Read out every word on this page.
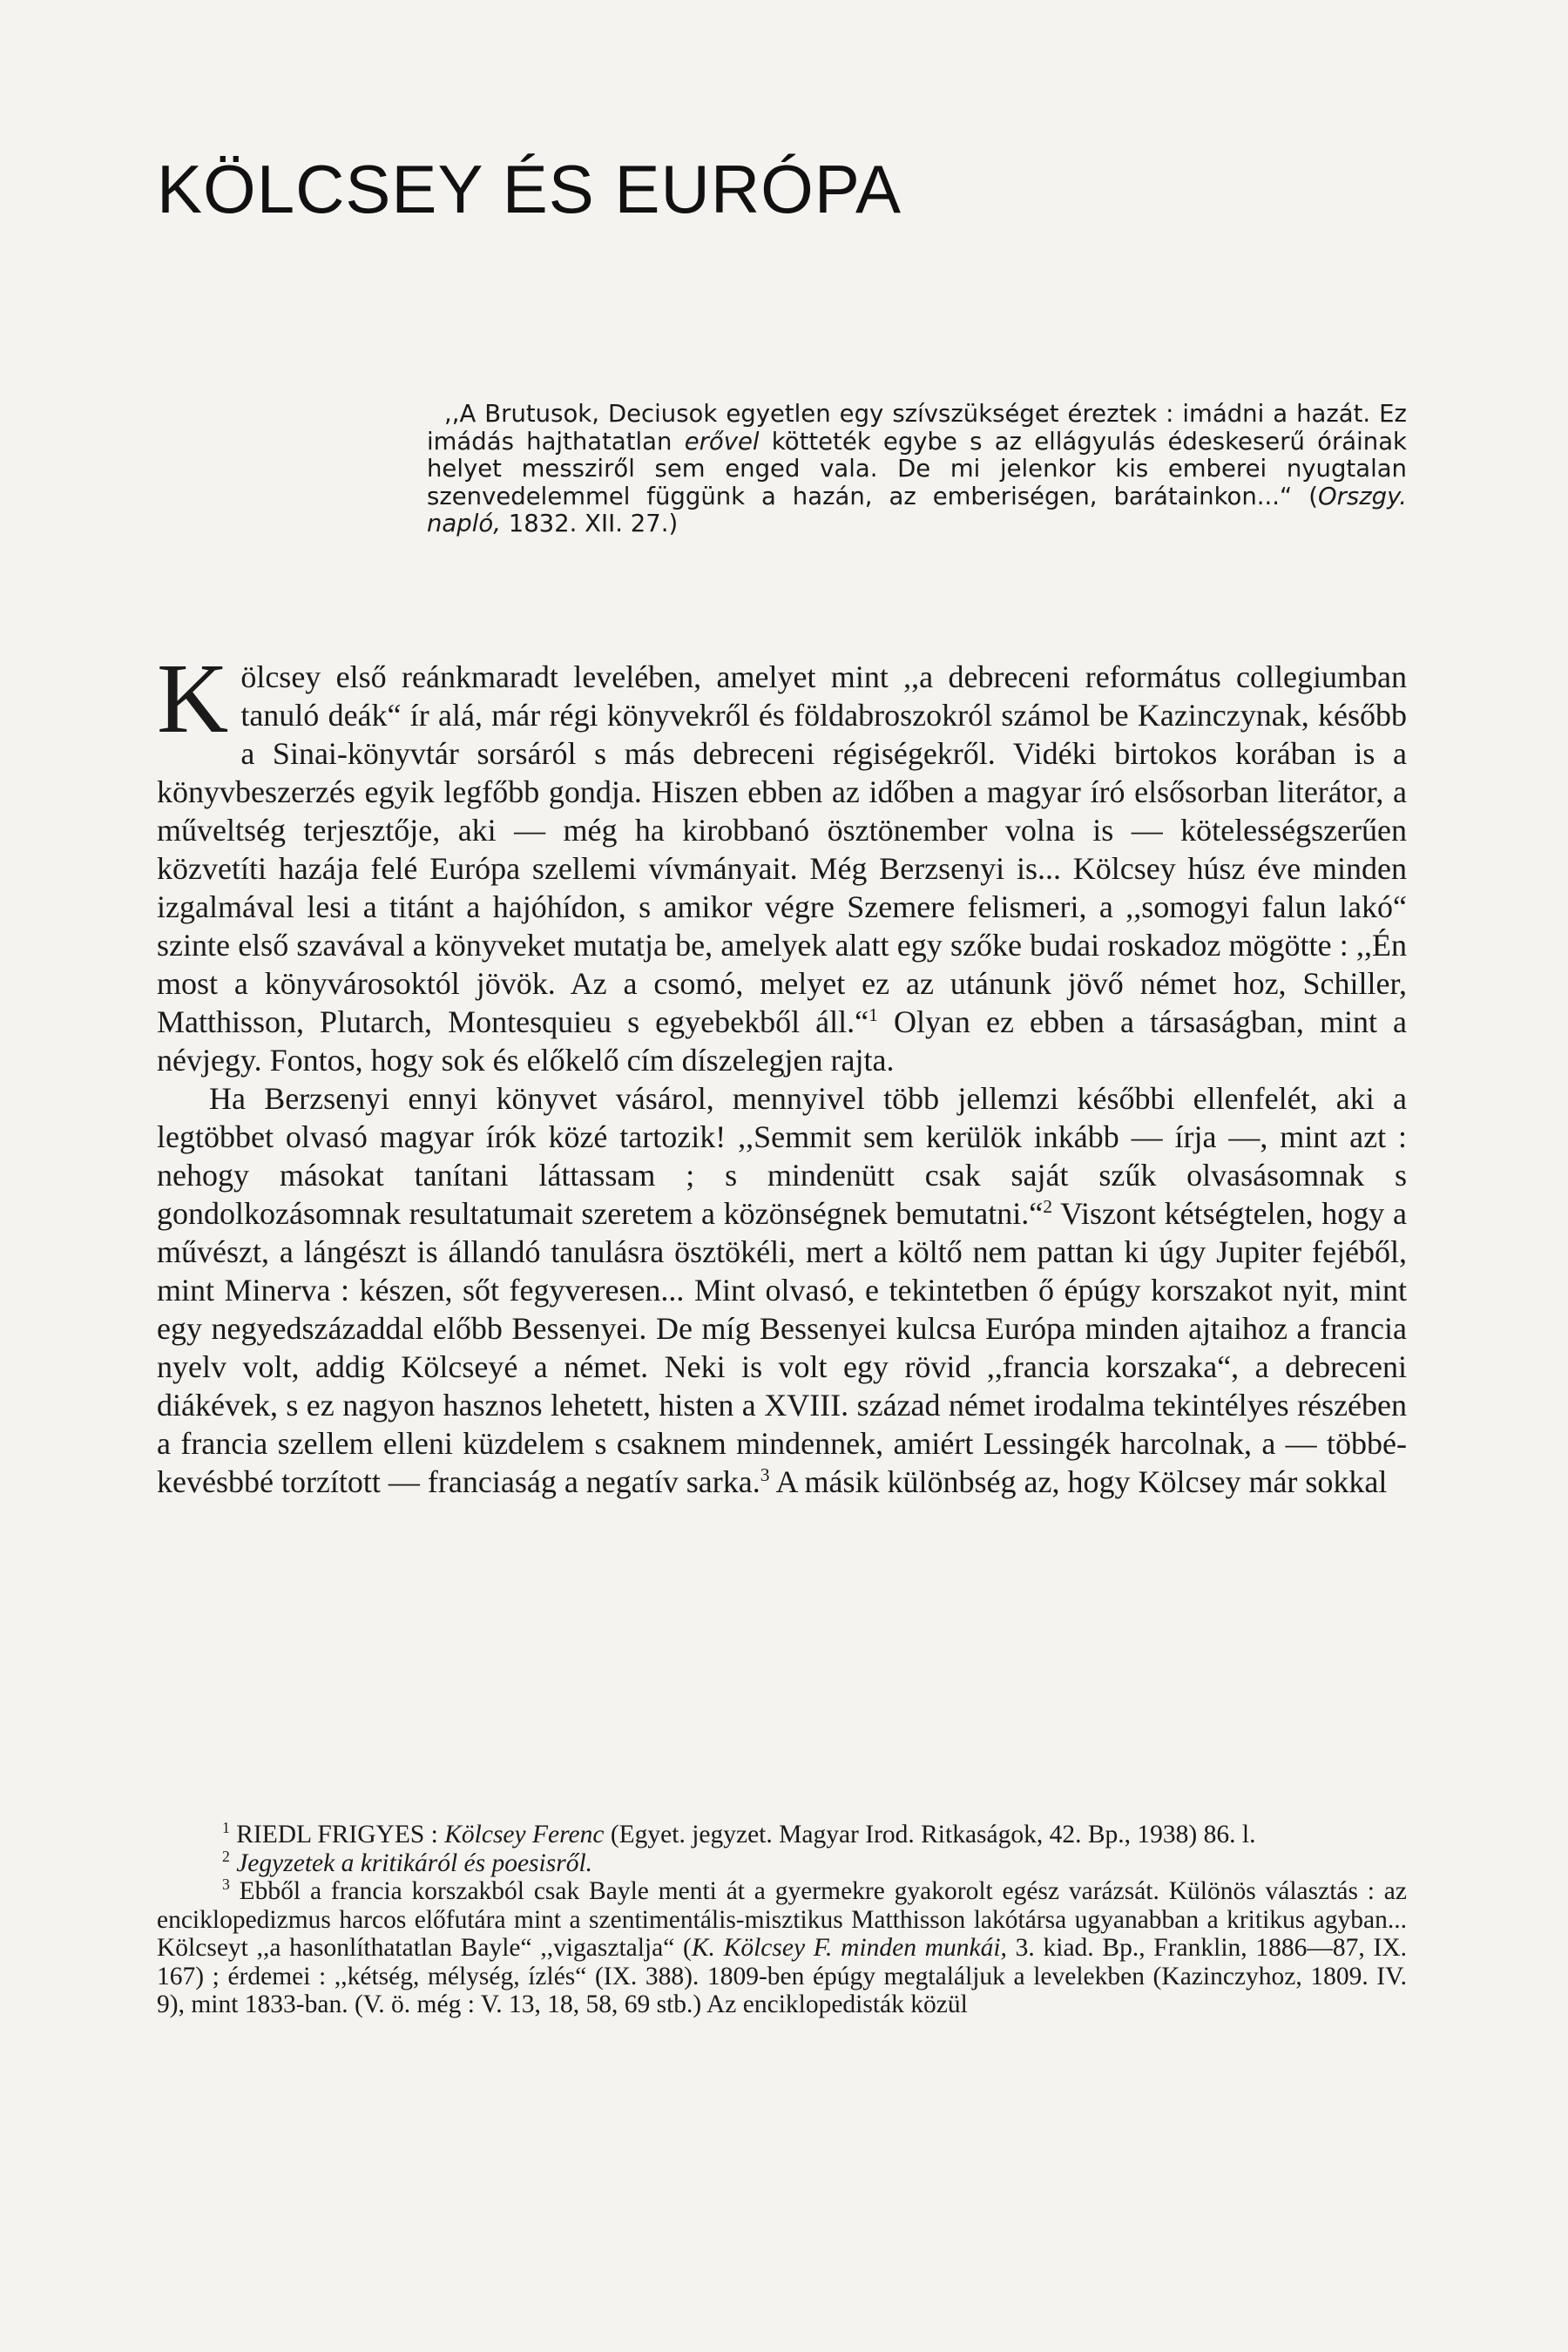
KÖLCSEY ÉS EURÓPA

,,A Brutusok, Deciusok egyetlen egy szívszükséget éreztek : imádni a hazát. Ez imádás hajthatatlan erővel kötteték egybe s az ellágyulás édeskeserű óráinak helyet messziről sem enged vala. De mi jelenkor kis emberei nyugtalan szenvedelemmel függünk a hazán, az emberiségen, barátainkon...“ (Orszgy. napló, 1832. XII. 27.)

Kölcsey első reánkmaradt levelében, amelyet mint ,,a debreceni református collegiumban tanuló deák“ ír alá, már régi könyvekről és földabroszokról számol be Kazinczynak, később a Sinai-könyvtár sorsáról s más debreceni régiségekről. Vidéki birtokos korában is a könyvbeszerzés egyik legfőbb gondja. Hiszen ebben az időben a magyar író elsősorban literátor, a műveltség terjesztője, aki — még ha kirobbanó ösztönember volna is — kötelességszerűen közvetíti hazája felé Európa szellemi vívmányait. Még Berzsenyi is... Kölcsey húsz éve minden izgalmával lesi a titánt a hajóhídon, s amikor végre Szemere felismeri, a ,,somogyi falun lakó“ szinte első szavával a könyveket mutatja be, amelyek alatt egy szőke budai roskadoz mögötte : ,,Én most a könyvárosoktól jövök. Az a csomó, melyet ez az utánunk jövő német hoz, Schiller, Matthisson, Plutarch, Montesquieu s egyebekből áll.“$^1$ Olyan ez ebben a társaságban, mint a névjegy. Fontos, hogy sok és előkelő cím díszelegjen rajta.

Ha Berzsenyi ennyi könyvet vásárol, mennyivel több jellemzi későbbi ellenfelét, aki a legtöbbet olvasó magyar írók közé tartozik! ,,Semmit sem kerülök inkább — írja —, mint azt : nehogy másokat tanítani láttassam ; s mindenütt csak saját szűk olvasásomnak s gondolkozásomnak resultatumait szeretem a közönségnek bemutatni.“$^2$ Viszont kétségtelen, hogy a művészt, a lángészt is állandó tanulásra ösztökéli, mert a költő nem pattan ki úgy Jupiter fejéből, mint Minerva : készen, sőt fegyveresen... Mint olvasó, e tekintetben ő épúgy korszakot nyit, mint egy negyedszázaddal előbb Bessenyei. De míg Bessenyei kulcsa Európa minden ajtaihoz a francia nyelv volt, addig Kölcseyé a német. Neki is volt egy rövid ,,francia korszaka“, a debreceni diákévek, s ez nagyon hasznos lehetett, histen a XVIII. század német irodalma tekintélyes részében a francia szellem elleni küzdelem s csaknem mindennek, amiért Lessingék harcolnak, a — többé-kevésbbé torzított — franciaság a negatív sarka.$^3$ A másik különbség az, hogy Kölcsey már sokkal

$^1$ RIEDL FRIGYES : Kölcsey Ferenc (Egyet. jegyzet. Magyar Irod. Ritkaságok, 42. Bp., 1938) 86. l.

$^2$ Jegyzetek a kritikáról és poesisről.

$^3$ Ebből a francia korszakból csak Bayle menti át a gyermekre gyakorolt egész varázsát. Különös választás : az enciklopedizmus harcos előfutára mint a szentimentális-misztikus Matthisson lakótársa ugyanabban a kritikus agyban... Kölcseyt ,,a hasonlíthatatlan Bayle“ ,,vigasztalja“ (K. Kölcsey F. minden munkái, 3. kiad. Bp., Franklin, 1886—87, IX. 167) ; érdemei : ,,kétség, mélység, ízlés“ (IX. 388). 1809-ben épúgy megtaláljuk a levelekben (Kazinczyhoz, 1809. IV. 9), mint 1833-ban. (V. ö. még : V. 13, 18, 58, 69 stb.) Az enciklopedisták közül
